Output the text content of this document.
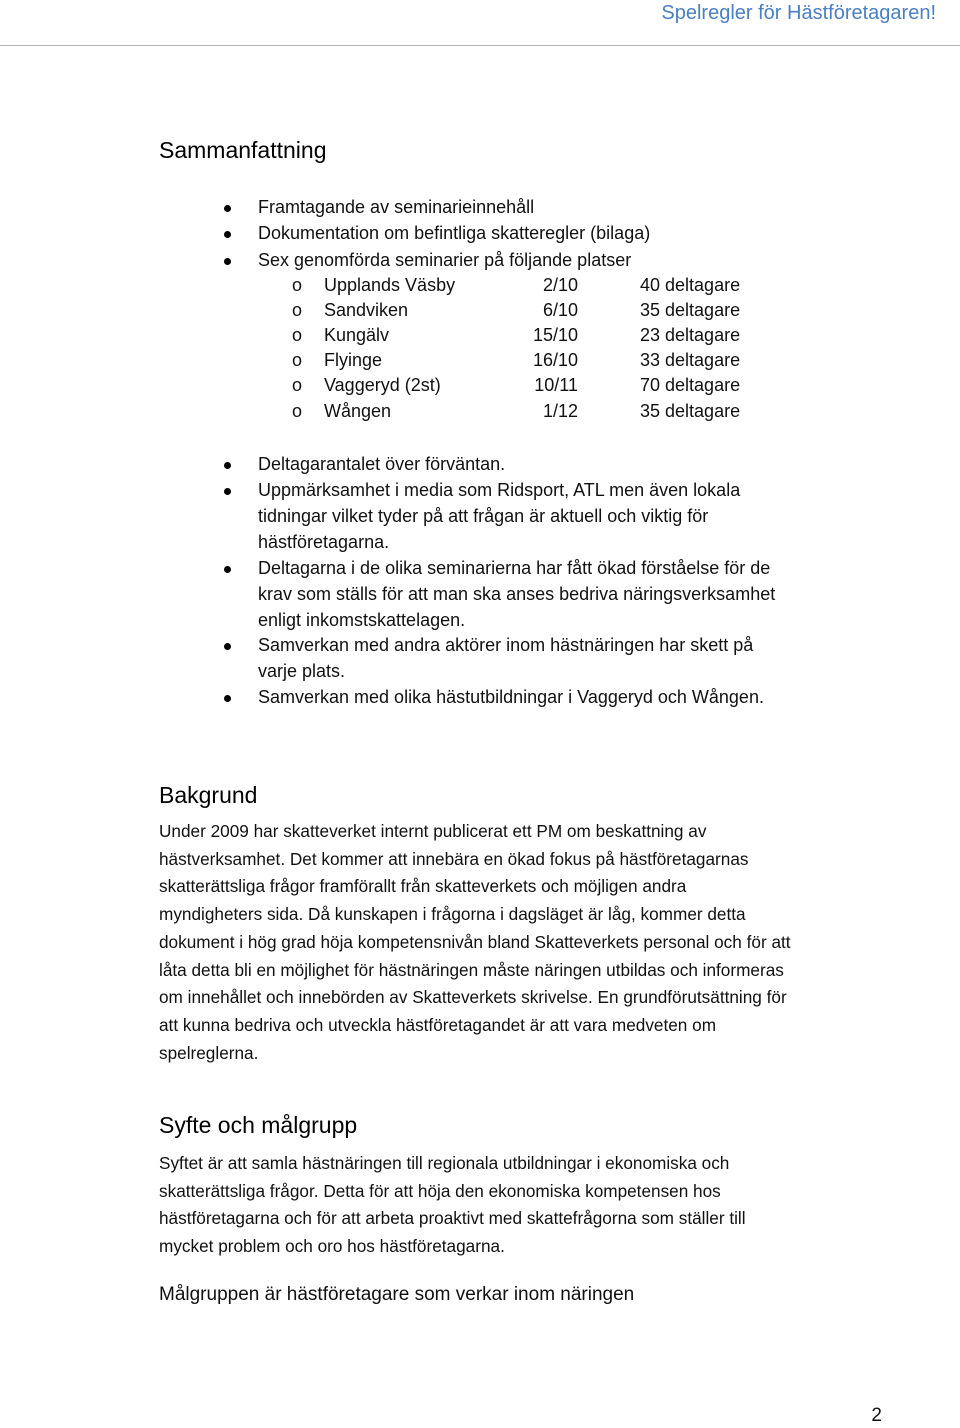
Spelregler för Hästföretagaren!
Sammanfattning
Framtagande av seminarieinnehåll
Dokumentation om befintliga skatteregler (bilaga)
Sex genomförda seminarier på följande platser
o Upplands Väsby	2/10	40 deltagare
o Sandviken	6/10	35 deltagare
o Kungälv	15/10	23 deltagare
o Flyinge	16/10	33 deltagare
o Vaggeryd (2st)	10/11	70 deltagare
o Wången	1/12	35 deltagare
Deltagarantalet över förväntan.
Uppmärksamhet i media som Ridsport, ATL men även lokala
tidningar vilket tyder på att frågan är aktuell och viktig för
hästföretagarna.
Deltagarna i de olika seminarierna har fått ökad förståelse för de
krav som ställs för att man ska anses bedriva näringsverksamhet
enligt inkomstskattelagen.
Samverkan med andra aktörer inom hästnäringen har skett på
varje plats.
Samverkan med olika hästutbildningar i Vaggeryd och Wången.
Bakgrund
Under 2009 har skatteverket internt publicerat ett PM om beskattning av
hästverksamhet. Det kommer att innebära en ökad fokus på hästföretagarnas
skatterättsliga frågor framförallt från skatteverkets och möjligen andra
myndigheters sida. Då kunskapen i frågorna i dagsläget är låg, kommer detta
dokument i hög grad höja kompetensnivån bland Skatteverkets personal och för att
låta detta bli en möjlighet för hästnäringen måste näringen utbildas och informeras
om innehållet och innebörden av Skatteverkets skrivelse. En grundförutsättning för
att kunna bedriva och utveckla hästföretagandet är att vara medveten om
spelreglerna.
Syfte och målgrupp
Syftet är att samla hästnäringen till regionala utbildningar i ekonomiska och
skatterättsliga frågor. Detta för att höja den ekonomiska kompetensen hos
hästföretagarna och för att arbeta proaktivt med skattefrågorna som ställer till
mycket problem och oro hos hästföretagarna.

Målgruppen är hästföretagare som verkar inom näringen

2
